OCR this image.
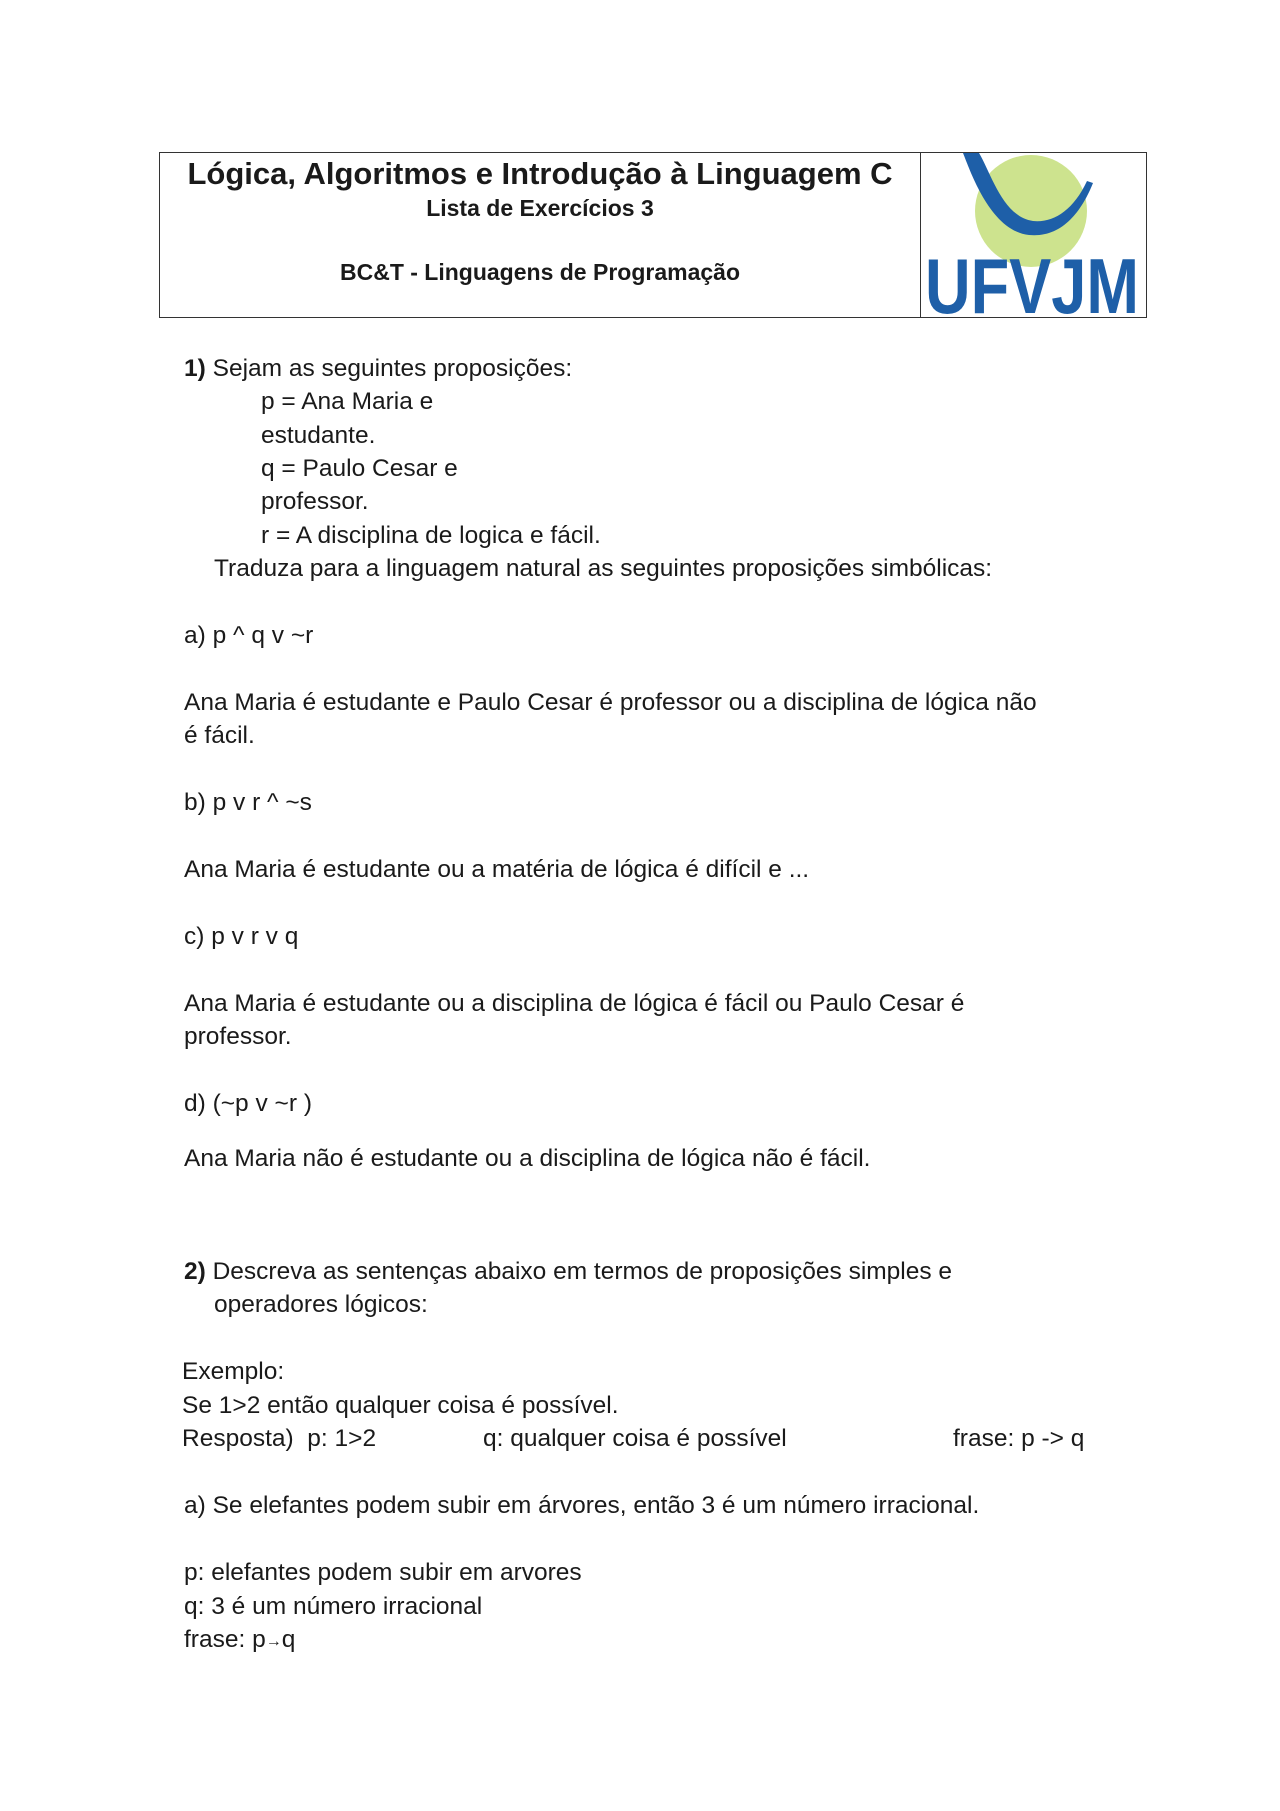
Lógica, Algoritmos e Introdução à Linguagem C
Lista de Exercícios 3
BC&T - Linguagens de Programação	UFVJM
1) Sejam as seguintes proposições:
p = Ana Maria e
estudante.
q = Paulo Cesar e
professor.
r = A disciplina de logica e fácil.
Traduza para a linguagem natural as seguintes proposições simbólicas:
a) p ^ q v ~r
Ana Maria é estudante e Paulo Cesar é professor ou a disciplina de lógica não
é fácil.
b) p v r ^ ~s
Ana Maria é estudante ou a matéria de lógica é difícil e ...
c) p v r v q
Ana Maria é estudante ou a disciplina de lógica é fácil ou Paulo Cesar é
professor.
d) (~p v ~r )
Ana Maria não é estudante ou a disciplina de lógica não é fácil.
2) Descreva as sentenças abaixo em termos de proposições simples e
operadores lógicos:
Exemplo:
Se 1>2 então qualquer coisa é possível.
Resposta)  p: 1>2	q: qualquer coisa é possível	frase: p -> q
a) Se elefantes podem subir em árvores, então 3 é um número irracional.
p: elefantes podem subir em arvores
q: 3 é um número irracional
frase: p→q
